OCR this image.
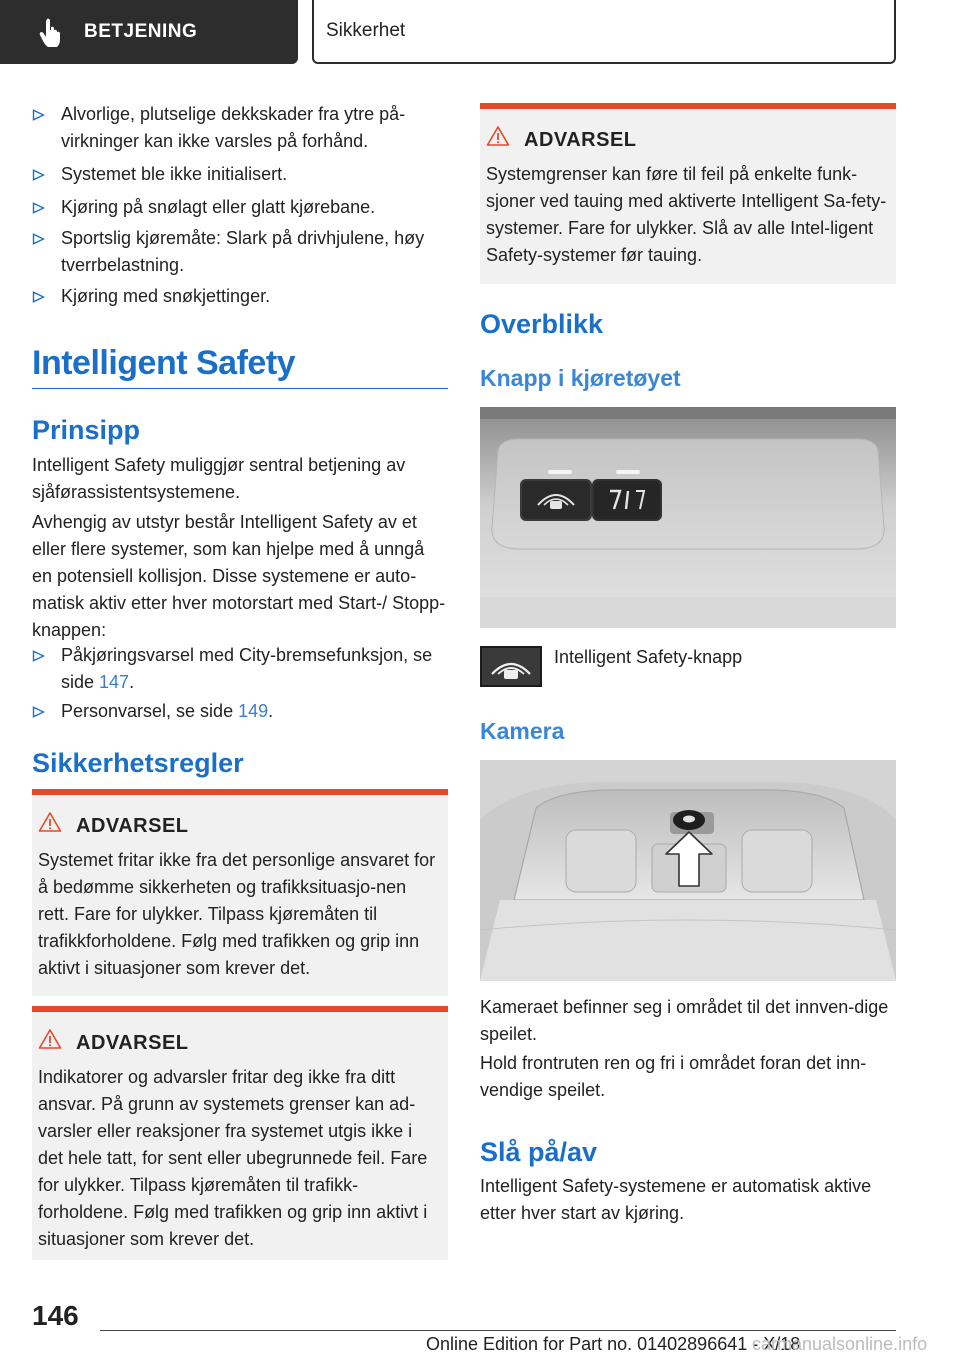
BETJENING	Sikkerhet
Alvorlige, plutselige dekkskader fra ytre på-virkninger kan ikke varsles på forhånd.
Systemet ble ikke initialisert.
Kjøring på snølagt eller glatt kjørebane.
Sportslig kjøremåte: Slark på drivhjulene, høy tverrbelastning.
Kjøring med snøkjettinger.
Intelligent Safety
Prinsipp
Intelligent Safety muliggjør sentral betjening av sjåførassistentsystemene.
Avhengig av utstyr består Intelligent Safety av et eller flere systemer, som kan hjelpe med å unngå en potensiell kollisjon. Disse systemene er auto-matisk aktiv etter hver motorstart med Start-/ Stopp-knappen:
Påkjøringsvarsel med City-bremsefunksjon, se side 147.
Personvarsel, se side 149.
Sikkerhetsregler
ADVARSEL
Systemet fritar ikke fra det personlige ansvaret for å bedømme sikkerheten og trafikksituasjo-nen rett. Fare for ulykker. Tilpass kjøremåten til trafikkforholdene. Følg med trafikken og grip inn aktivt i situasjoner som krever det.
ADVARSEL
Indikatorer og advarsler fritar deg ikke fra ditt ansvar. På grunn av systemets grenser kan ad-varsler eller reaksjoner fra systemet utgis ikke i det hele tatt, for sent eller ubegrunnede feil. Fare for ulykker. Tilpass kjøremåten til trafikk-forholdene. Følg med trafikken og grip inn aktivt i situasjoner som krever det.
ADVARSEL
Systemgrenser kan føre til feil på enkelte funk-sjoner ved tauing med aktiverte Intelligent Sa-fety-systemer. Fare for ulykker. Slå av alle Intel-ligent Safety-systemer før tauing.
Overblikk
Knapp i kjøretøyet
Intelligent Safety-knapp
Kamera
Kameraet befinner seg i området til det innven-dige speilet.
Hold frontruten ren og fri i området foran det inn-vendige speilet.
Slå på/av
Intelligent Safety-systemene er automatisk aktive etter hver start av kjøring.
146
Online Edition for Part no. 01402896641 - X/18
carmanualsonline.info
